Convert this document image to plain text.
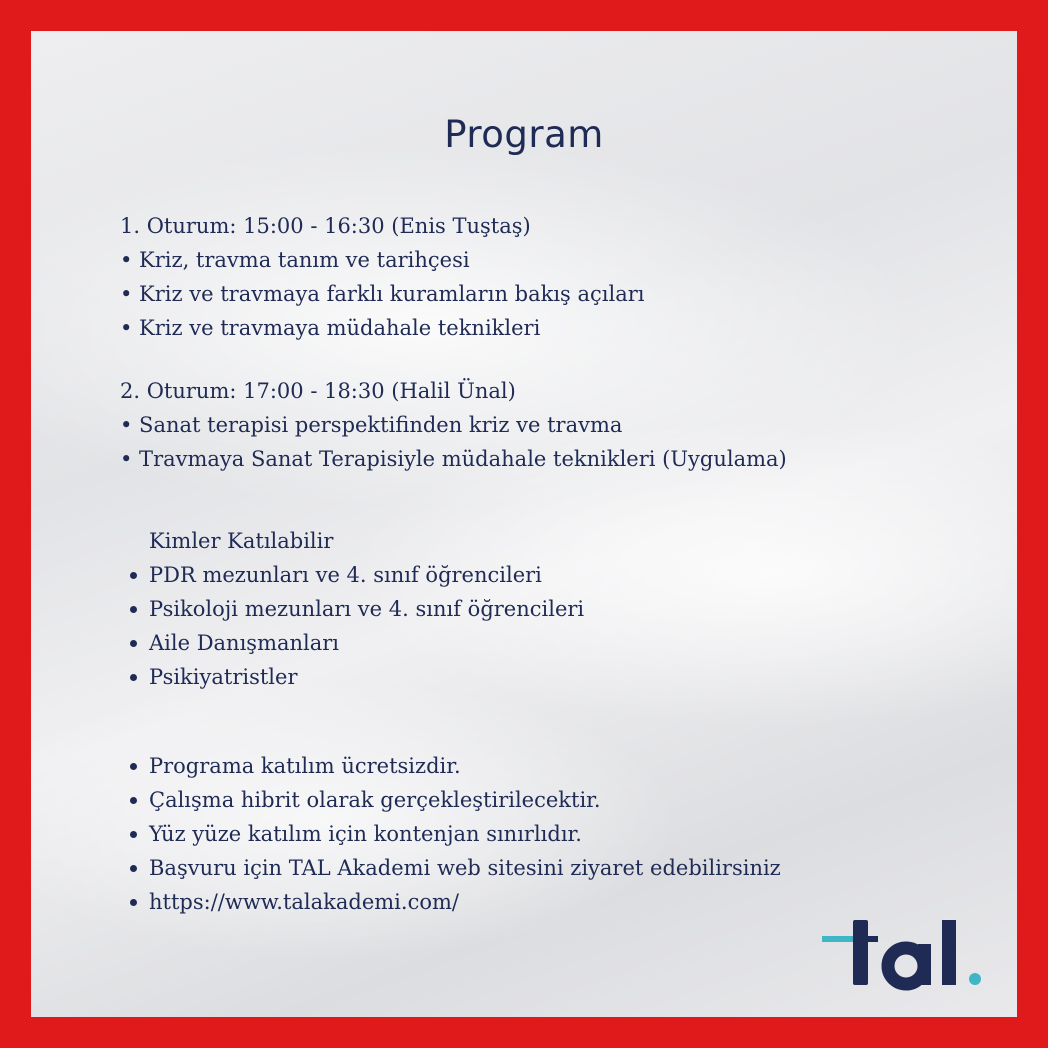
Program
1. Oturum: 15:00 - 16:30 (Enis Tuştaş)
• Kriz, travma tanım ve tarihçesi
• Kriz ve travmaya farklı kuramların bakış açıları
• Kriz ve travmaya müdahale teknikleri
2. Oturum: 17:00 - 18:30 (Halil Ünal)
• Sanat terapisi perspektifinden kriz ve travma
• Travmaya Sanat Terapisiyle müdahale teknikleri (Uygulama)
Kimler Katılabilir
PDR mezunları ve 4. sınıf öğrencileri
Psikoloji mezunları ve 4. sınıf öğrencileri
Aile Danışmanları
Psikiyatristler
Programa katılım ücretsizdir.
Çalışma hibrit olarak gerçekleştirilecektir.
Yüz yüze katılım için kontenjan sınırlıdır.
Başvuru için TAL Akademi web sitesini ziyaret edebilirsiniz
https://www.talakademi.com/
